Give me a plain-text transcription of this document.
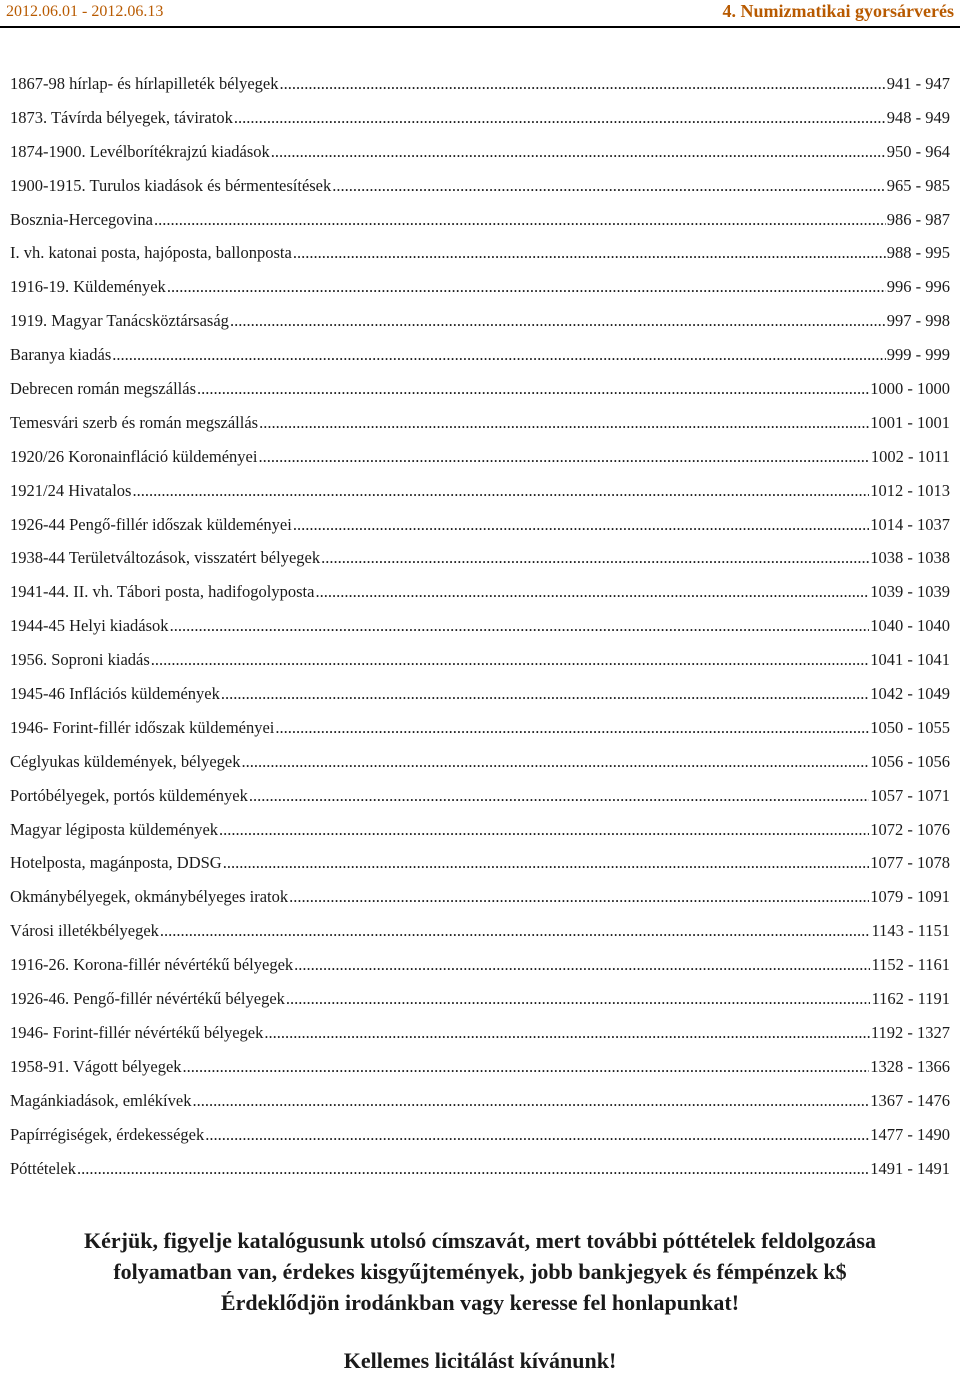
2012.06.01 - 2012.06.13	4. Numizmatikai gyorsárverés
1867-98 hírlap- és hírlapilleték bélyegek .....	941 - 947
1873. Távírda bélyegek, táviratok .....	948 - 949
1874-1900. Levélborítékrajzú kiadások .....	950 - 964
1900-1915. Turulos kiadások és bérmentesítések .....	965 - 985
Bosznia-Hercegovina .....	986 - 987
I. vh. katonai posta, hajóposta, ballonposta .....	988 - 995
1916-19. Küldemények .....	996 - 996
1919. Magyar Tanácsköztársaság .....	997 - 998
Baranya kiadás .....	999 - 999
Debrecen román megszállás .....	1000 - 1000
Temesvári szerb és román megszállás .....	1001 - 1001
1920/26 Koronainfláció küldeményei .....	1002 - 1011
1921/24 Hivatalos .....	1012 - 1013
1926-44 Pengő-fillér időszak küldeményei .....	1014 - 1037
1938-44 Területváltozások, visszatért bélyegek .....	1038 - 1038
1941-44. II. vh. Tábori posta, hadifogolyposta .....	1039 - 1039
1944-45 Helyi kiadások .....	1040 - 1040
1956. Soproni kiadás .....	1041 - 1041
1945-46 Inflációs küldemények .....	1042 - 1049
1946- Forint-fillér időszak küldeményei .....	1050 - 1055
Céglyukas küldemények, bélyegek .....	1056 - 1056
Portóbélyegek, portós küldemények .....	1057 - 1071
Magyar légiposta küldemények .....	1072 - 1076
Hotelposta, magánposta, DDSG .....	1077 - 1078
Okmánybélyegek, okmánybélyeges iratok .....	1079 - 1091
Városi illetékbélyegek .....	1143 - 1151
1916-26. Korona-fillér névértékű bélyegek .....	1152 - 1161
1926-46. Pengő-fillér névértékű bélyegek .....	1162 - 1191
1946- Forint-fillér névértékű bélyegek .....	1192 - 1327
1958-91. Vágott bélyegek .....	1328 - 1366
Magánkiadások, emlékívek .....	1367 - 1476
Papírrégiségek, érdekességek .....	1477 - 1490
Póttételek .....	1491 - 1491
Kérjük, figyelje katalógusunk utolsó címszavát, mert további póttételek feldolgozása
folyamatban van, érdekes kisgyűjtemények, jobb bankjegyek és fémpénzek k$
Érdeklődjön irodánkban vagy keresse fel honlapunkat!
Kellemes licitálást kívánunk!
